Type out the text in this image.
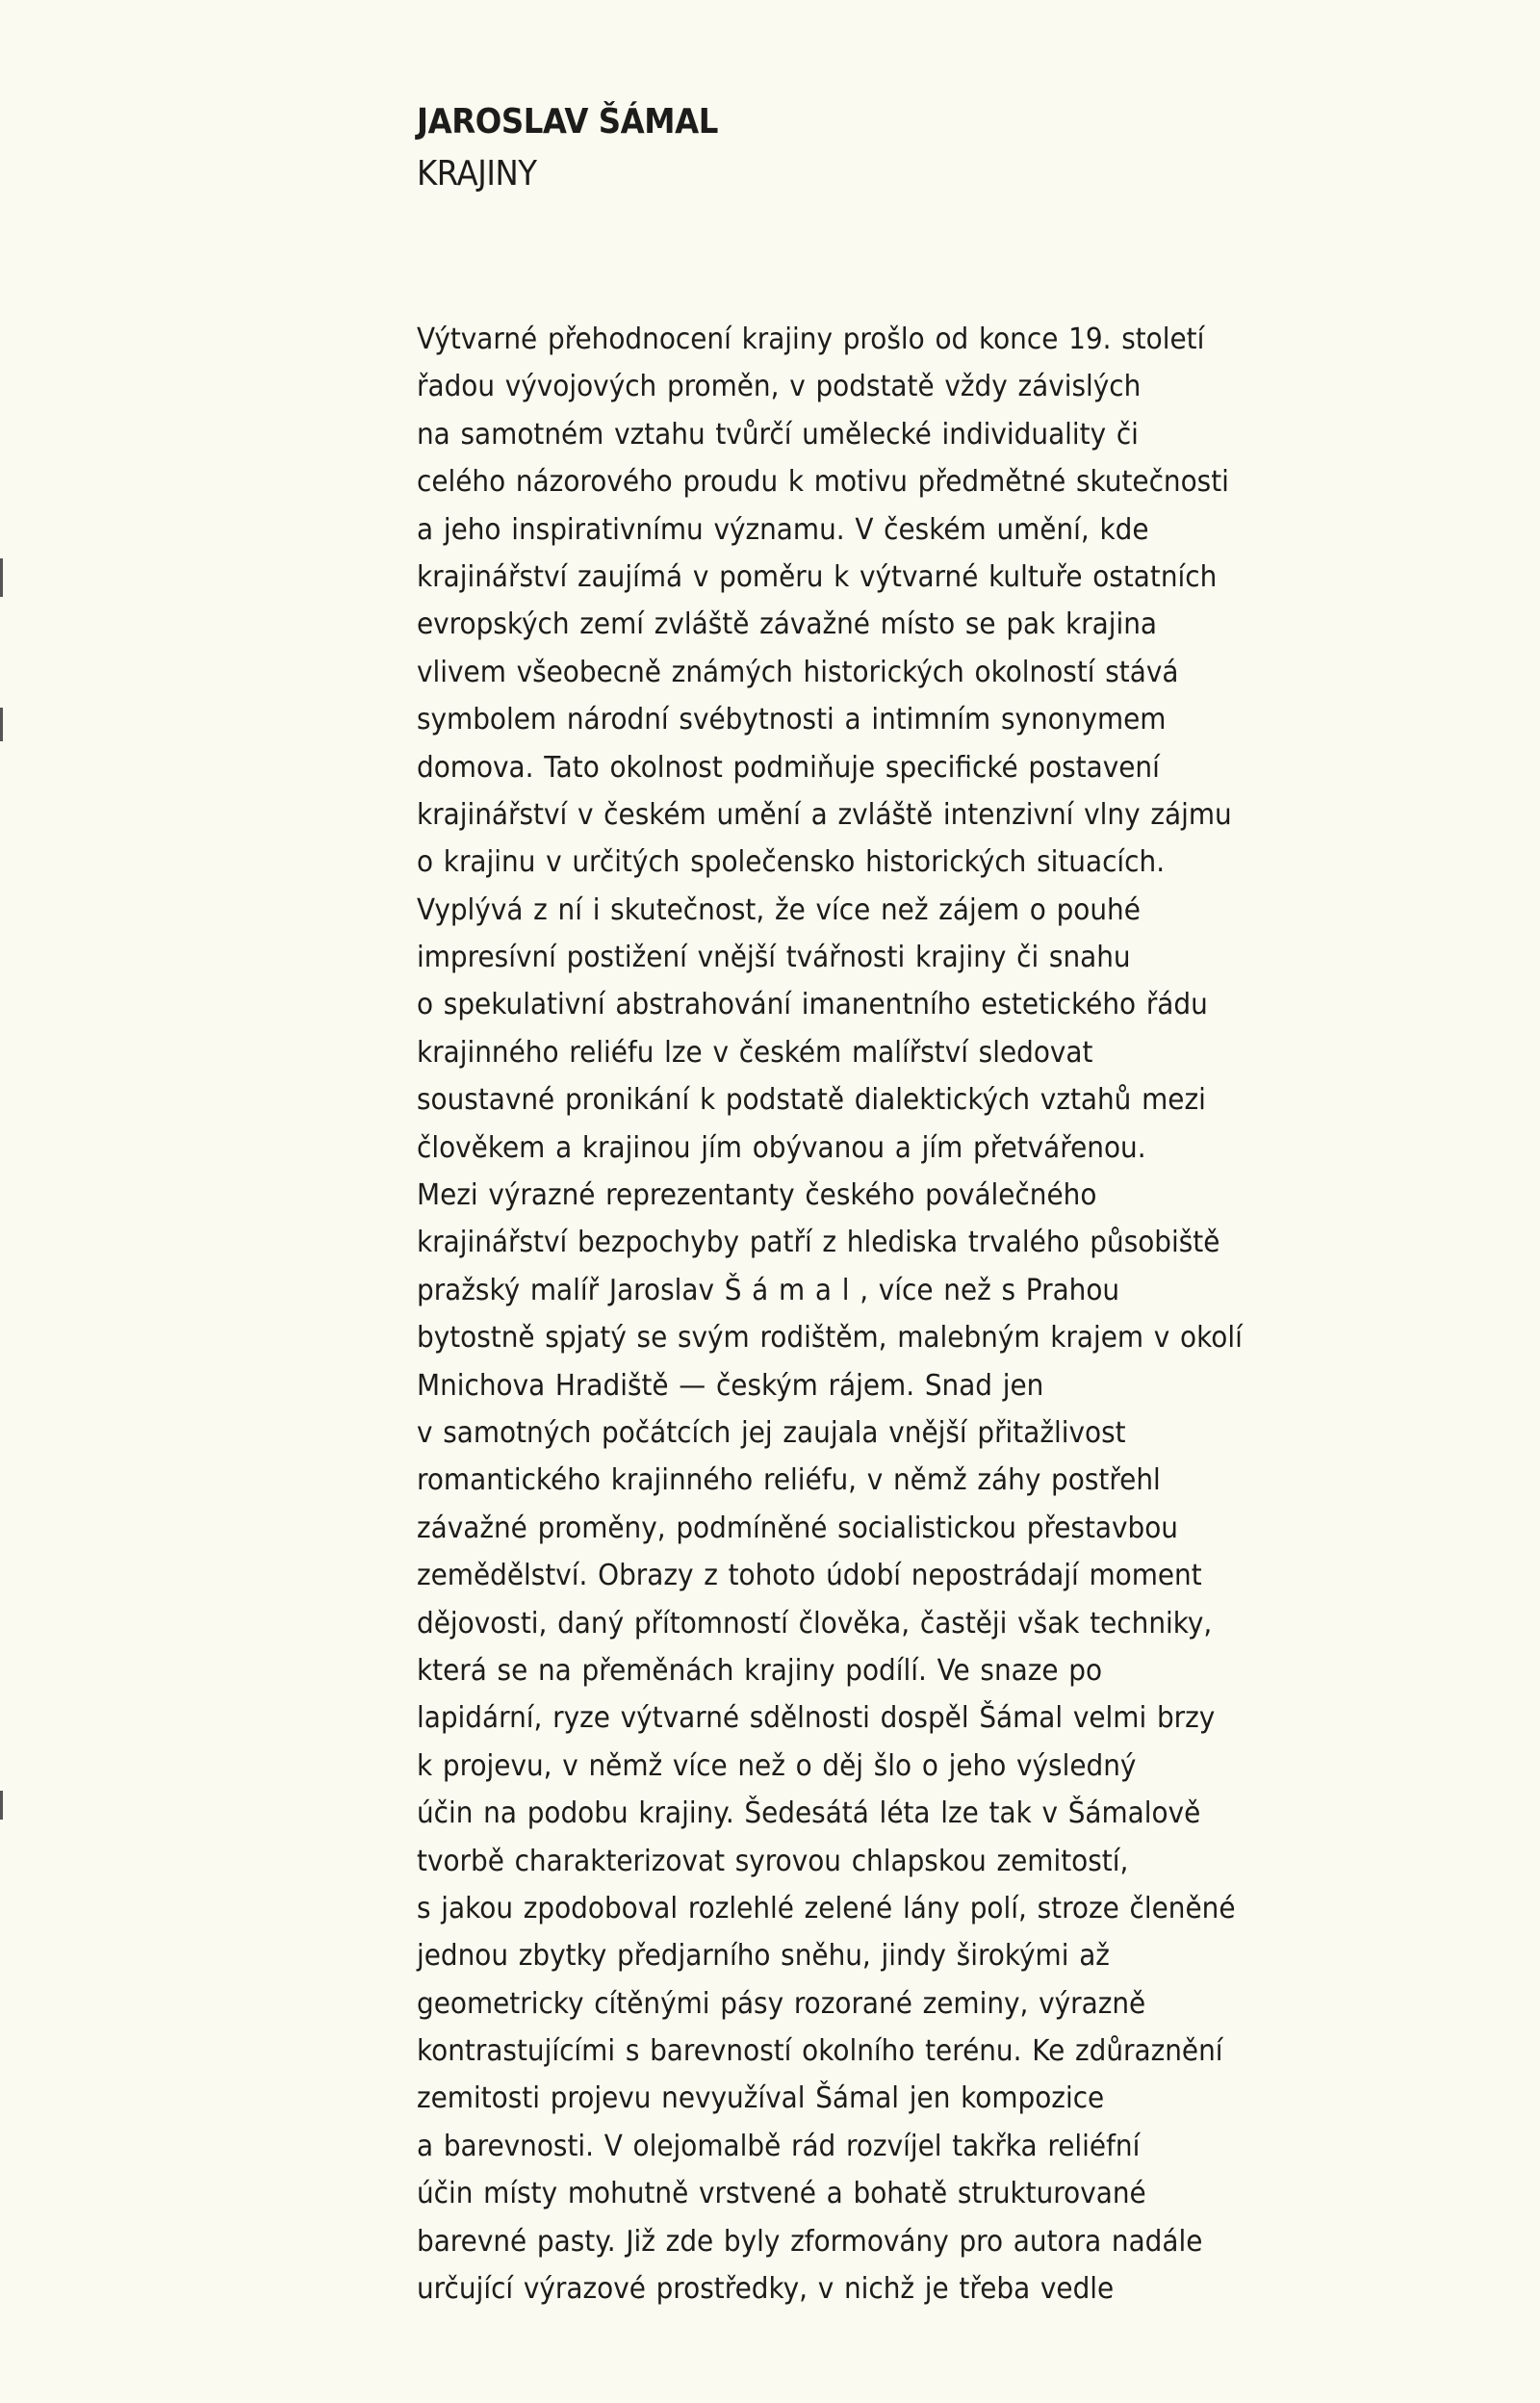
JAROSLAV ŠÁMAL
KRAJINY
Výtvarné přehodnocení krajiny prošlo od konce 19. století
řadou vývojových proměn, v podstatě vždy závislých
na samotném vztahu tvůrčí umělecké individuality či
celého názorového proudu k motivu předmětné skutečnosti
a jeho inspirativnímu významu. V českém umění, kde
krajinářství zaujímá v poměru k výtvarné kultuře ostatních
evropských zemí zvláště závažné místo se pak krajina
vlivem všeobecně známých historických okolností stává
symbolem národní svébytnosti a intimním synonymem
domova. Tato okolnost podmiňuje specifické postavení
krajinářství v českém umění a zvláště intenzivní vlny zájmu
o krajinu v určitých společensko historických situacích.
Vyplývá z ní i skutečnost, že více než zájem o pouhé
impresívní postižení vnější tvářnosti krajiny či snahu
o spekulativní abstrahování imanentního estetického řádu
krajinného reliéfu lze v českém malířství sledovat
soustavné pronikání k podstatě dialektických vztahů mezi
člověkem a krajinou jím obývanou a jím přetvářenou.
Mezi výrazné reprezentanty českého poválečného
krajinářství bezpochyby patří z hlediska trvalého působiště
pražský malíř Jaroslav Š á m a l , více než s Prahou
bytostně spjatý se svým rodištěm, malebným krajem v okolí
Mnichova Hradiště — českým rájem. Snad jen
v samotných počátcích jej zaujala vnější přitažlivost
romantického krajinného reliéfu, v němž záhy postřehl
závažné proměny, podmíněné socialistickou přestavbou
zemědělství. Obrazy z tohoto údobí nepostrádají moment
dějovosti, daný přítomností člověka, častěji však techniky,
která se na přeměnách krajiny podílí. Ve snaze po
lapidární, ryze výtvarné sdělnosti dospěl Šámal velmi brzy
k projevu, v němž více než o děj šlo o jeho výsledný
účin na podobu krajiny. Šedesátá léta lze tak v Šámalově
tvorbě charakterizovat syrovou chlapskou zemitostí,
s jakou zpodoboval rozlehlé zelené lány polí, stroze členěné
jednou zbytky předjarního sněhu, jindy širokými až
geometricky cítěnými pásy rozorané zeminy, výrazně
kontrastujícími s barevností okolního terénu. Ke zdůraznění
zemitosti projevu nevyužíval Šámal jen kompozice
a barevnosti. V olejomalbě rád rozvíjel takřka reliéfní
účin místy mohutně vrstvené a bohatě strukturované
barevné pasty. Již zde byly zformovány pro autora nadále
určující výrazové prostředky, v nichž je třeba vedle
